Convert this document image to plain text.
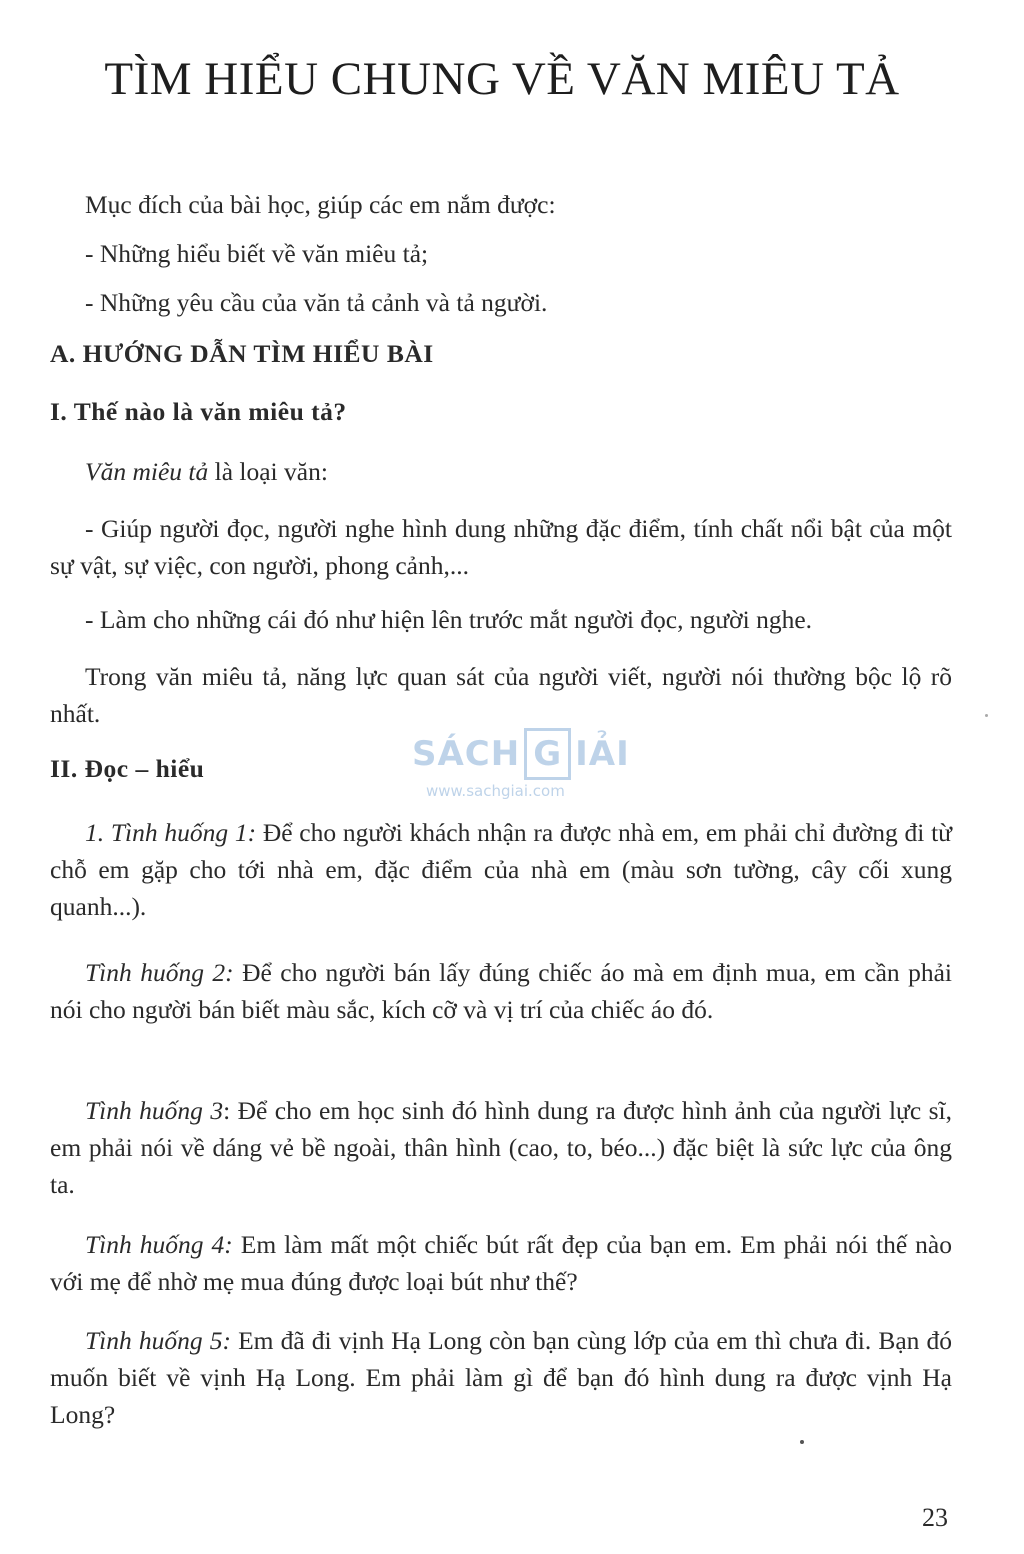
TÌM HIỂU CHUNG VỀ VĂN MIÊU TẢ

Mục đích của bài học, giúp các em nắm được:

- Những hiểu biết về văn miêu tả;

- Những yêu cầu của văn tả cảnh và tả người.

A. HƯỚNG DẪN TÌM HIỂU BÀI
I. Thế nào là văn miêu tả?

Văn miêu tả là loại văn:

- Giúp người đọc, người nghe hình dung những đặc điểm, tính chất nổi bật của một sự vật, sự việc, con người, phong cảnh,...

- Làm cho những cái đó như hiện lên trước mắt người đọc, người nghe.

Trong văn miêu tả, năng lực quan sát của người viết, người nói thường bộc lộ rõ nhất.

II. Đọc – hiểu

1. Tình huống 1: Để cho người khách nhận ra được nhà em, em phải chỉ đường đi từ chỗ em gặp cho tới nhà em, đặc điểm của nhà em (màu sơn tường, cây cối xung quanh...).

Tình huống 2: Để cho người bán lấy đúng chiếc áo mà em định mua, em cần phải nói cho người bán biết màu sắc, kích cỡ và vị trí của chiếc áo đó.

Tình huống 3: Để cho em học sinh đó hình dung ra được hình ảnh của người lực sĩ, em phải nói về dáng vẻ bề ngoài, thân hình (cao, to, béo...) đặc biệt là sức lực của ông ta.

Tình huống 4: Em làm mất một chiếc bút rất đẹp của bạn em. Em phải nói thế nào với mẹ để nhờ mẹ mua đúng được loại bút như thế?

Tình huống 5: Em đã đi vịnh Hạ Long còn bạn cùng lớp của em thì chưa đi. Bạn đó muốn biết về vịnh Hạ Long. Em phải làm gì để bạn đó hình dung ra được vịnh Hạ Long?

SÁCH G IẢI
www.sachgiai.com
23
